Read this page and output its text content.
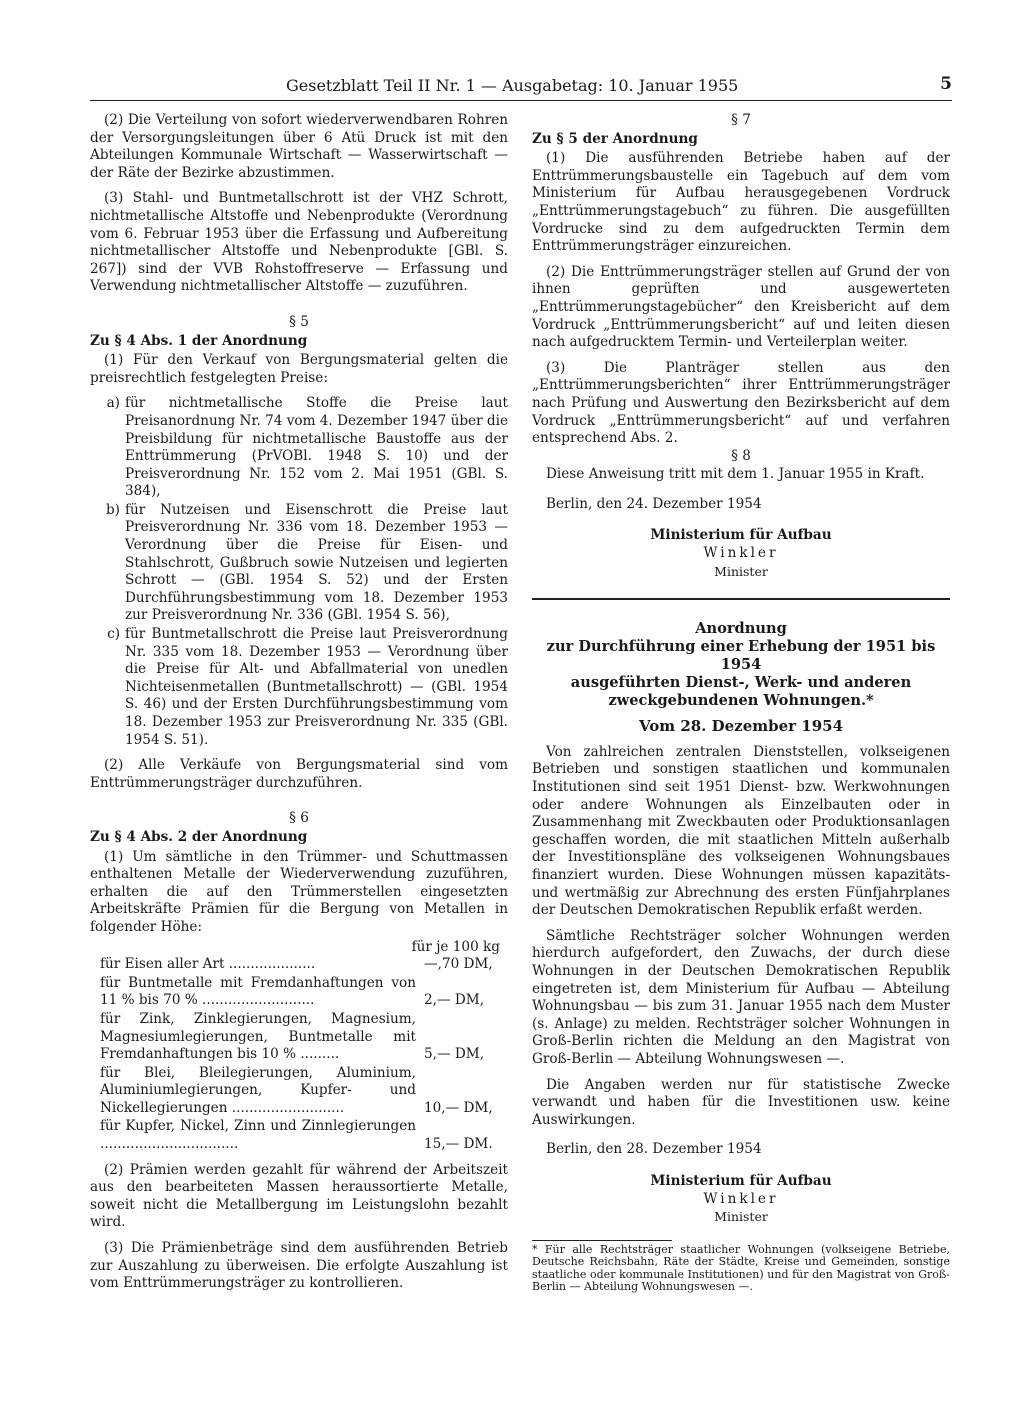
Gesetzblatt Teil II Nr. 1 — Ausgabetag: 10. Januar 1955	5

(2) Die Verteilung von sofort wiederverwendbaren Rohren der Versorgungsleitungen über 6 Atü Druck ist mit den Abteilungen Kommunale Wirtschaft — Wasserwirtschaft — der Räte der Bezirke abzustimmen.

(3) Stahl- und Buntmetallschrott ist der VHZ Schrott, nichtmetallische Altstoffe und Nebenprodukte (Verordnung vom 6. Februar 1953 über die Erfassung und Aufbereitung nichtmetallischer Altstoffe und Nebenprodukte [GBl. S. 267]) sind der VVB Rohstoffreserve — Erfassung und Verwendung nichtmetallischer Altstoffe — zuzuführen.

§ 5
Zu § 4 Abs. 1 der Anordnung

(1) Für den Verkauf von Bergungsmaterial gelten die preisrechtlich festgelegten Preise:

a) für nichtmetallische Stoffe die Preise laut Preisanordnung Nr. 74 vom 4. Dezember 1947 über die Preisbildung für nichtmetallische Baustoffe aus der Enttrümmerung (PrVOBl. 1948 S. 10) und der Preisverordnung Nr. 152 vom 2. Mai 1951 (GBl. S. 384),
b) für Nutzeisen und Eisenschrott die Preise laut Preisverordnung Nr. 336 vom 18. Dezember 1953 — Verordnung über die Preise für Eisen- und Stahlschrott, Gußbruch sowie Nutzeisen und legierten Schrott — (GBl. 1954 S. 52) und der Ersten Durchführungsbestimmung vom 18. Dezember 1953 zur Preisverordnung Nr. 336 (GBl. 1954 S. 56),
c) für Buntmetallschrott die Preise laut Preisverordnung Nr. 335 vom 18. Dezember 1953 — Verordnung über die Preise für Alt- und Abfallmaterial von unedlen Nichteisenmetallen (Buntmetallschrott) — (GBl. 1954 S. 46) und der Ersten Durchführungsbestimmung vom 18. Dezember 1953 zur Preisverordnung Nr. 335 (GBl. 1954 S. 51).

(2) Alle Verkäufe von Bergungsmaterial sind vom Enttrümmerungsträger durchzuführen.

§ 6
Zu § 4 Abs. 2 der Anordnung

(1) Um sämtliche in den Trümmer- und Schuttmassen enthaltenen Metalle der Wiederverwendung zuzuführen, erhalten die auf den Trümmerstellen eingesetzten Arbeitskräfte Prämien für die Bergung von Metallen in folgender Höhe:

für je 100 kg
für Eisen aller Art ....................	—,70 DM,
für Buntmetalle mit Fremdanhaftungen von 11 % bis 70 % ..........................	2,— DM,
für Zink, Zinklegierungen, Magnesium, Magnesiumlegierungen, Buntmetalle mit Fremdanhaftungen bis 10 % .........	5,— DM,
für Blei, Bleilegierungen, Aluminium, Aluminiumlegierungen, Kupfer- und Nickellegierungen ..........................	10,— DM,
für Kupfer, Nickel, Zinn und Zinnlegierungen ................................	15,— DM.

(2) Prämien werden gezahlt für während der Arbeitszeit aus den bearbeiteten Massen heraussortierte Metalle, soweit nicht die Metallbergung im Leistungslohn bezahlt wird.

(3) Die Prämienbeträge sind dem ausführenden Betrieb zur Auszahlung zu überweisen. Die erfolgte Auszahlung ist vom Enttrümmerungsträger zu kontrollieren.

§ 7
Zu § 5 der Anordnung

(1) Die ausführenden Betriebe haben auf der Enttrümmerungsbaustelle ein Tagebuch auf dem vom Ministerium für Aufbau herausgegebenen Vordruck „Enttrümmerungstagebuch“ zu führen. Die ausgefüllten Vordrucke sind zu dem aufgedruckten Termin dem Enttrümmerungsträger einzureichen.

(2) Die Enttrümmerungsträger stellen auf Grund der von ihnen geprüften und ausgewerteten „Enttrümmerungstagebücher“ den Kreisbericht auf dem Vordruck „Enttrümmerungsbericht“ auf und leiten diesen nach aufgedrucktem Termin- und Verteilerplan weiter.

(3) Die Planträger stellen aus den „Enttrümmerungsberichten“ ihrer Enttrümmerungsträger nach Prüfung und Auswertung den Bezirksbericht auf dem Vordruck „Enttrümmerungsbericht“ auf und verfahren entsprechend Abs. 2.

§ 8

Diese Anweisung tritt mit dem 1. Januar 1955 in Kraft.

Berlin, den 24. Dezember 1954

Ministerium für Aufbau
Winkler
Minister
Anordnung
zur Durchführung einer Erhebung der 1951 bis 1954
ausgeführten Dienst-, Werk- und anderen
zweckgebundenen Wohnungen.*
Vom 28. Dezember 1954

Von zahlreichen zentralen Dienststellen, volkseigenen Betrieben und sonstigen staatlichen und kommunalen Institutionen sind seit 1951 Dienst- bzw. Werkwohnungen oder andere Wohnungen als Einzelbauten oder in Zusammenhang mit Zweckbauten oder Produktionsanlagen geschaffen worden, die mit staatlichen Mitteln außerhalb der Investitionspläne des volkseigenen Wohnungsbaues finanziert wurden. Diese Wohnungen müssen kapazitäts- und wertmäßig zur Abrechnung des ersten Fünfjahrplanes der Deutschen Demokratischen Republik erfaßt werden.

Sämtliche Rechtsträger solcher Wohnungen werden hierdurch aufgefordert, den Zuwachs, der durch diese Wohnungen in der Deutschen Demokratischen Republik eingetreten ist, dem Ministerium für Aufbau — Abteilung Wohnungsbau — bis zum 31. Januar 1955 nach dem Muster (s. Anlage) zu melden. Rechtsträger solcher Wohnungen in Groß-Berlin richten die Meldung an den Magistrat von Groß-Berlin — Abteilung Wohnungswesen —.

Die Angaben werden nur für statistische Zwecke verwandt und haben für die Investitionen usw. keine Auswirkungen.

Berlin, den 28. Dezember 1954

Ministerium für Aufbau
Winkler
Minister
* Für alle Rechtsträger staatlicher Wohnungen (volkseigene Betriebe, Deutsche Reichsbahn, Räte der Städte, Kreise und Gemeinden, sonstige staatliche oder kommunale Institutionen) und für den Magistrat von Groß-Berlin — Abteilung Wohnungswesen —.
